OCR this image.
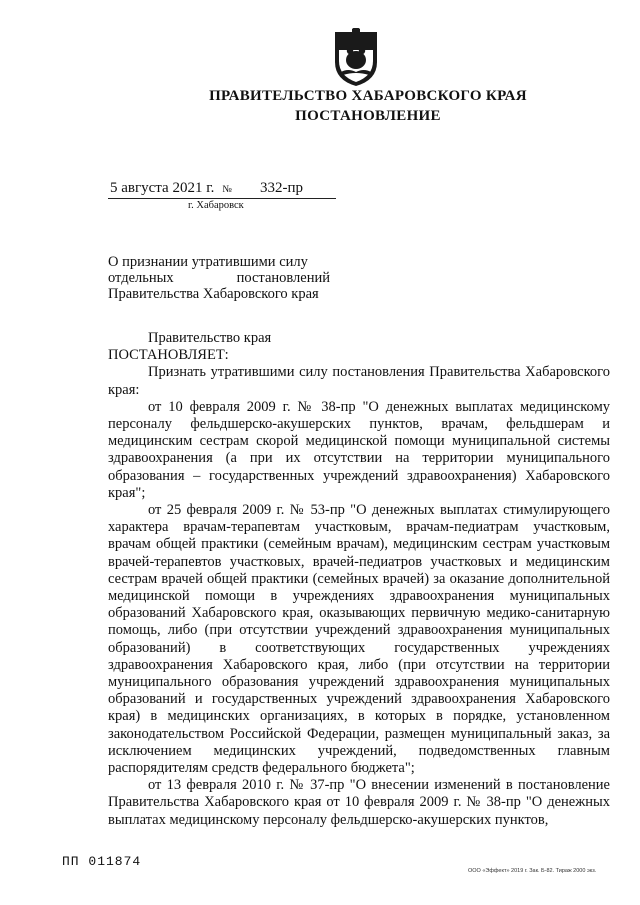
ПРАВИТЕЛЬСТВО ХАБАРОВСКОГО КРАЯ
ПОСТАНОВЛЕНИЕ
5 августа 2021 г. № 332-пр
г. Хабаровск
О признании утратившими силу
отдельных	постановлений
Правительства Хабаровского края

Правительство края

ПОСТАНОВЛЯЕТ:

Признать утратившими силу постановления Правительства Хабаровского края:

от 10 февраля 2009 г. № 38-пр "О денежных выплатах медицинскому персоналу фельдшерско-акушерских пунктов, врачам, фельдшерам и медицинским сестрам скорой медицинской помощи муниципальной системы здравоохранения (а при их отсутствии на территории муниципального образования – государственных учреждений здравоохранения) Хабаровского края";

от 25 февраля 2009 г. № 53-пр "О денежных выплатах стимулирующего характера врачам-терапевтам участковым, врачам-педиатрам участковым, врачам общей практики (семейным врачам), медицинским сестрам участковым врачей-терапевтов участковых, врачей-педиатров участковых и медицинским сестрам врачей общей практики (семейных врачей) за оказание дополнительной медицинской помощи в учреждениях здравоохранения муниципальных образований Хабаровского края, оказывающих первичную медико-санитарную помощь, либо (при отсутствии учреждений здравоохранения муниципальных образований) в соответствующих государственных учреждениях здравоохранения Хабаровского края, либо (при отсутствии на территории муниципального образования учреждений здравоохранения муниципальных образований и государственных учреждений здравоохранения Хабаровского края) в медицинских организациях, в которых в порядке, установленном законодательством Российской Федерации, размещен муниципальный заказ, за исключением медицинских учреждений, подведомственных главным распорядителям средств федерального бюджета";

от 13 февраля 2010 г. № 37-пр "О внесении изменений в постановление Правительства Хабаровского края от 10 февраля 2009 г. № 38-пр "О денежных выплатах медицинскому персоналу фельдшерско-акушерских пунктов,

ПП 011874
ООО «Эффект» 2019 г. Зак. Б-82. Тираж 2000 экз.
